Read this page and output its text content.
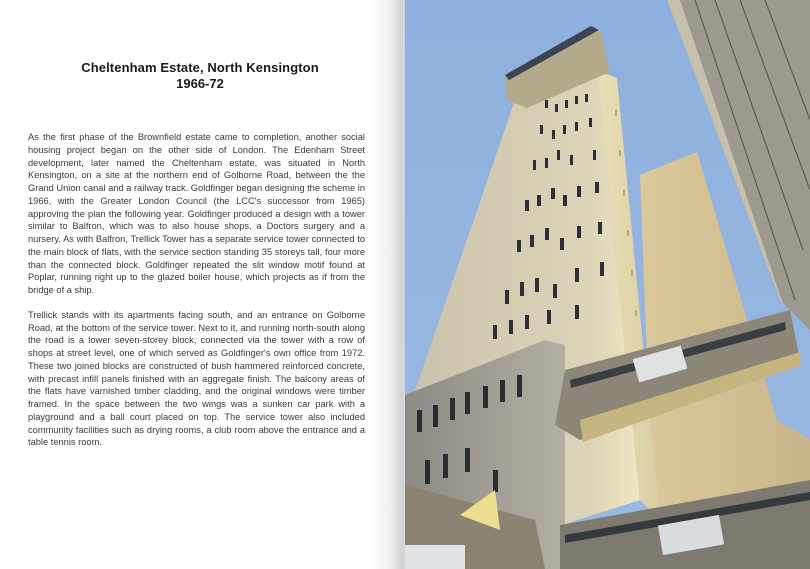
Cheltenham Estate, North Kensington
1966-72

As the first phase of the Brownfield estate came to completion, another social housing project began on the other side of London. The Edenham Street development, later named the Cheltenham estate, was situated in North Kensington, on a site at the northern end of Golborne Road, between the the Grand Union canal and a railway track. Goldfinger began designing the scheme in 1966, with the Greater London Council (the LCC's successor from 1965) approving the plan the following year. Goldfinger produced a design with a tower similar to Balfron, which was to also house shops, a Doctors surgery and a nursery. As with Balfron, Trellick Tower has a separate service tower connected to the main block of flats, with the service section standing 35 storeys tall, four more than the connected block. Goldfinger repeated the slit window motif found at Poplar, running right up to the glazed boiler house, which projects as if from the bridge of a ship.

Trellick stands with its apartments facing south, and an entrance on Golborne Road, at the bottom of the service tower. Next to it, and running north-south along the road is a lower seven-storey block, connected via the tower with a row of shops at street level, one of which served as Goldfinger's own office from 1972. These two joined blocks are constructed of bush hammered reinforced concrete, with precast infill panels finished with an aggregate finish. The balcony areas of the flats have varnished timber cladding, and the original windows were timber framed. In the space between the two wings was a sunken car park with a playground and a ball court placed on top. The service tower also included community facilities such as drying rooms, a club room above the entrance and a table tennis room.
